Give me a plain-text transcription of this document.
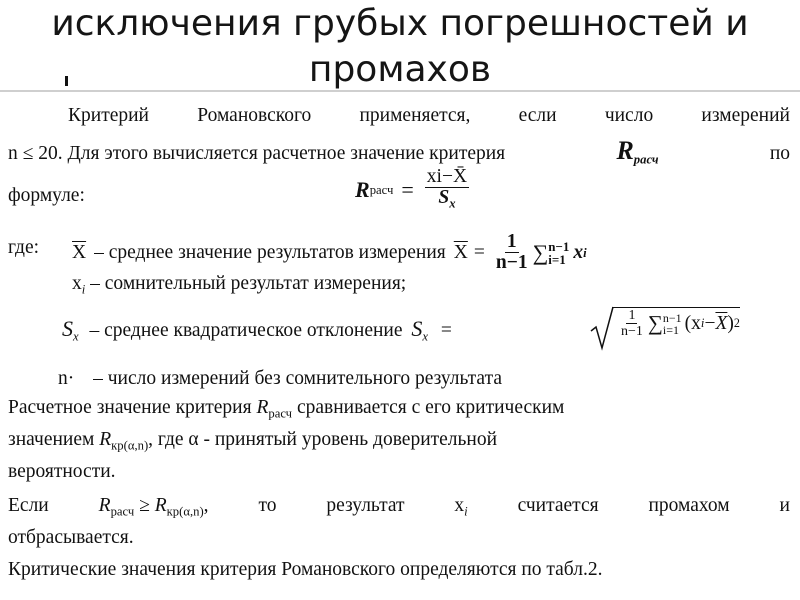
исключения грубых погрешностей и
промахов
Критерий Романовского применяется, если число измерений
n ≤ 20. Для этого вычисляется расчетное значение критерия	$R_{расч}$	по
формуле:	R расч = $\frac{xi-X̄}{S_x}$
где: $\overline{X}$ – среднее значение результатов измерения $\overline{X} = \frac{1}{n-1}$ ∑ n−1
i=1 x i
$x_i$ – сомнительный результат измерения;
$S_x$ – среднее квадратическое отклонение $S_x$ =	$\frac{1}{n-1}$ ∑ n−1
i=1 (x $i - \overline{X}$ ) 2
n· – число измерений без сомнительного результата
Расчетное значение критерия $R_{расч}$ сравнивается с его критическим
значением $R_{кр(\alpha,n)}$, где α - принятый уровень доверительной
вероятности.
Если	$R_{расч} \ge R_{кр(\alpha,n)}$,	то	результат	$x_i$	считается	промахом	и
отбрасывается.
Критические значения критерия Романовского определяются по табл.2.
